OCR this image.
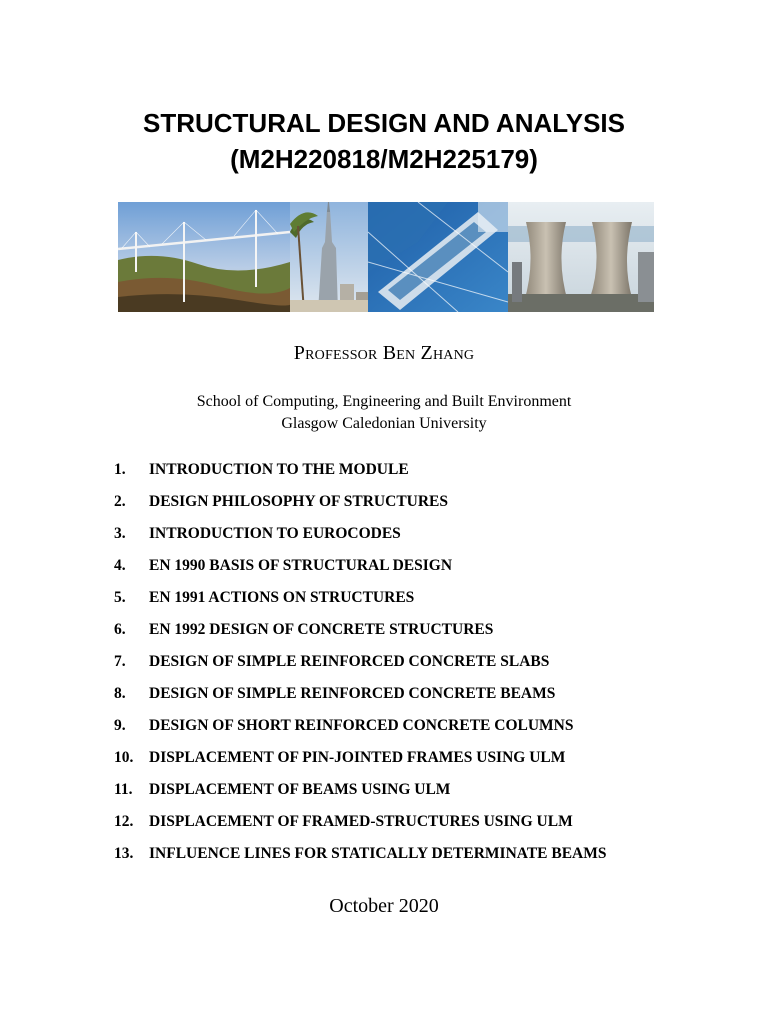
STRUCTURAL DESIGN AND ANALYSIS
(M2H220818/M2H225179)
Professor Ben Zhang
School of Computing, Engineering and Built Environment
Glasgow Caledonian University
1. INTRODUCTION TO THE MODULE
2. DESIGN PHILOSOPHY OF STRUCTURES
3. INTRODUCTION TO EUROCODES
4. EN 1990 BASIS OF STRUCTURAL DESIGN
5. EN 1991 ACTIONS ON STRUCTURES
6. EN 1992 DESIGN OF CONCRETE STRUCTURES
7. DESIGN OF SIMPLE REINFORCED CONCRETE SLABS
8. DESIGN OF SIMPLE REINFORCED CONCRETE BEAMS
9. DESIGN OF SHORT REINFORCED CONCRETE COLUMNS
10. DISPLACEMENT OF PIN-JOINTED FRAMES USING ULM
11. DISPLACEMENT OF BEAMS USING ULM
12. DISPLACEMENT OF FRAMED-STRUCTURES USING ULM
13. INFLUENCE LINES FOR STATICALLY DETERMINATE BEAMS
October 2020
